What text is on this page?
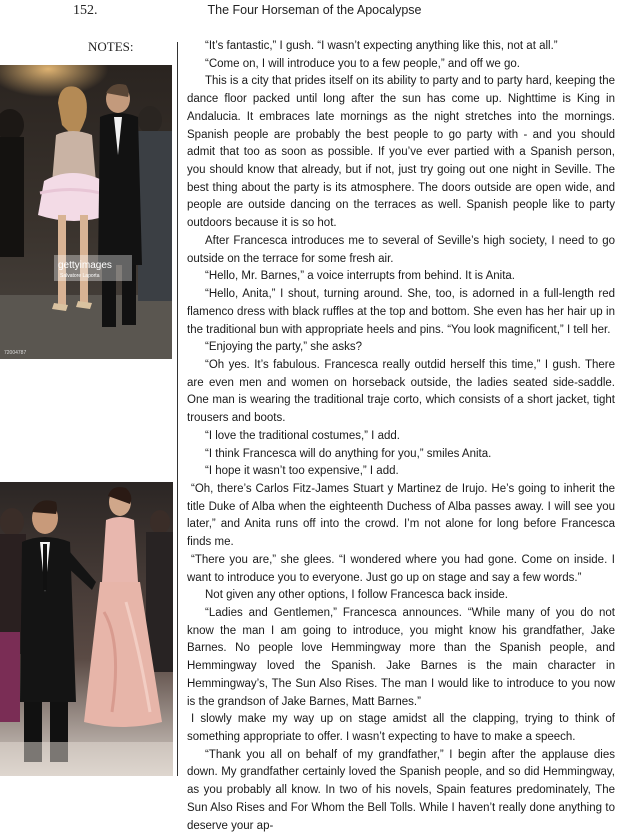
152.	The Four Horseman of the Apocalypse
NOTES:
gettyimages
Salvatore Laporta
72004787

“It’s fantastic,” I gush. “I wasn’t expecting anything like this, not at all.”

“Come on, I will introduce you to a few people,” and off we go.

This is a city that prides itself on its ability to party and to party hard, keeping the dance floor packed until long after the sun has come up. Nighttime is King in Andalucia. It embraces late mornings as the night stretches into the mornings. Spanish people are probably the best people to go party with - and you should admit that too as soon as possible. If you’ve ever partied with a Spanish person, you should know that already, but if not, just try going out one night in Seville. The best thing about the party is its atmosphere. The doors outside are open wide, and people are outside dancing on the terraces as well. Spanish people like to party outdoors because it is so hot.

After Francesca introduces me to several of Seville’s high society, I need to go outside on the terrace for some fresh air.

“Hello, Mr. Barnes,” a voice interrupts from behind. It is Anita.

“Hello, Anita,” I shout, turning around. She, too, is adorned in a full-length red flamenco dress with black ruffles at the top and bottom. She even has her hair up in the traditional bun with appropriate heels and pins. “You look magnificent,” I tell her.

“Enjoying the party,” she asks?

“Oh yes. It’s fabulous. Francesca really outdid herself this time,” I gush. There are even men and women on horseback outside, the ladies seated side-saddle. One man is wearing the traditional traje corto, which consists of a short jacket, tight trousers and boots.

“I love the traditional costumes,” I add.

“I think Francesca will do anything for you,” smiles Anita.

“I hope it wasn’t too expensive,” I add.

“Oh, there’s Carlos Fitz-James Stuart y Martinez de Irujo. He’s going to inherit the title Duke of Alba when the eighteenth Duchess of Alba passes away. I will see you later,” and Anita runs off into the crowd. I’m not alone for long before Francesca finds me.

“There you are,” she glees. “I wondered where you had gone. Come on inside. I want to introduce you to everyone. Just go up on stage and say a few words.”

Not given any other options, I follow Francesca back inside.

“Ladies and Gentlemen,” Francesca announces. “While many of you do not know the man I am going to introduce, you might know his grandfather, Jake Barnes. No people love Hemmingway more than the Spanish people, and Hemmingway loved the Spanish. Jake Barnes is the main character in Hemmingway’s, The Sun Also Rises. The man I would like to introduce to you now is the grandson of Jake Barnes, Matt Barnes.”

I slowly make my way up on stage amidst all the clapping, trying to think of something appropriate to offer. I wasn’t expecting to have to make a speech.

“Thank you all on behalf of my grandfather,” I begin after the applause dies down. My grandfather certainly loved the Spanish people, and so did Hemmingway, as you probably all know. In two of his novels, Spain features predominately, The Sun Also Rises and For Whom the Bell Tolls. While I haven’t really done anything to deserve your ap-
